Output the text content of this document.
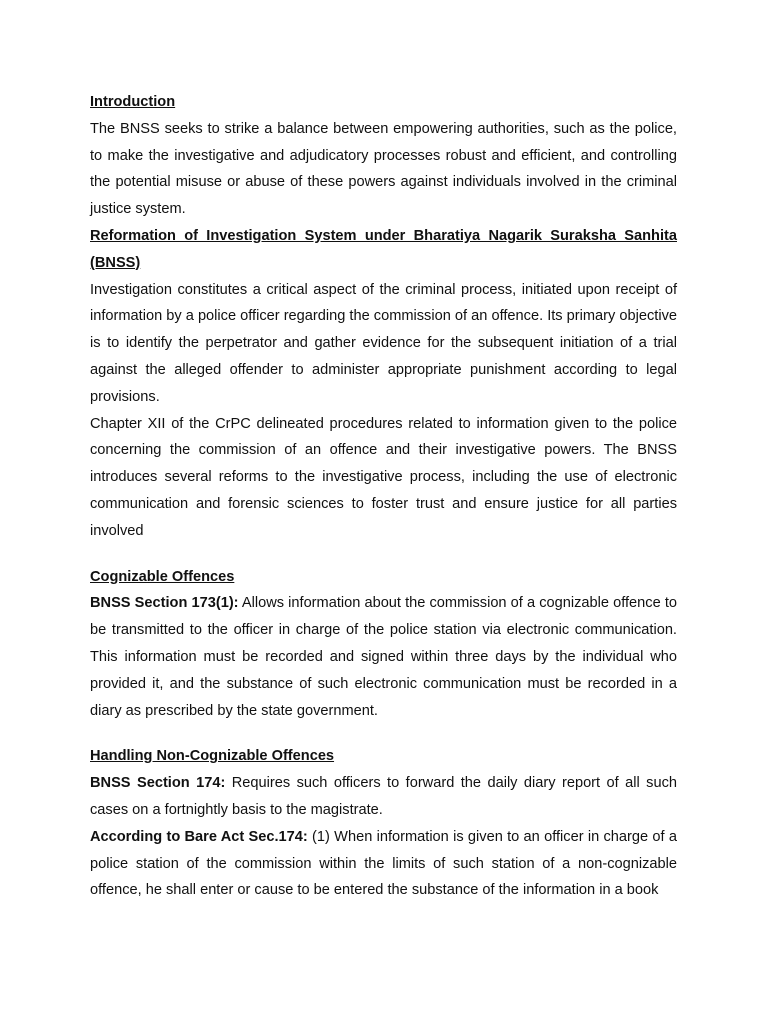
Introduction

The BNSS seeks to strike a balance between empowering authorities, such as the police, to make the investigative and adjudicatory processes robust and efficient, and controlling the potential misuse or abuse of these powers against individuals involved in the criminal justice system.

Reformation of Investigation System under Bharatiya Nagarik Suraksha Sanhita (BNSS)

Investigation constitutes a critical aspect of the criminal process, initiated upon receipt of information by a police officer regarding the commission of an offence. Its primary objective is to identify the perpetrator and gather evidence for the subsequent initiation of a trial against the alleged offender to administer appropriate punishment according to legal provisions.

Chapter XII of the CrPC delineated procedures related to information given to the police concerning the commission of an offence and their investigative powers. The BNSS introduces several reforms to the investigative process, including the use of electronic communication and forensic sciences to foster trust and ensure justice for all parties involved

Cognizable Offences

BNSS Section 173(1): Allows information about the commission of a cognizable offence to be transmitted to the officer in charge of the police station via electronic communication. This information must be recorded and signed within three days by the individual who provided it, and the substance of such electronic communication must be recorded in a diary as prescribed by the state government.

Handling Non-Cognizable Offences

BNSS Section 174: Requires such officers to forward the daily diary report of all such cases on a fortnightly basis to the magistrate.

According to Bare Act Sec.174: (1) When information is given to an officer in charge of a police station of the commission within the limits of such station of a non-cognizable offence, he shall enter or cause to be entered the substance of the information in a book
